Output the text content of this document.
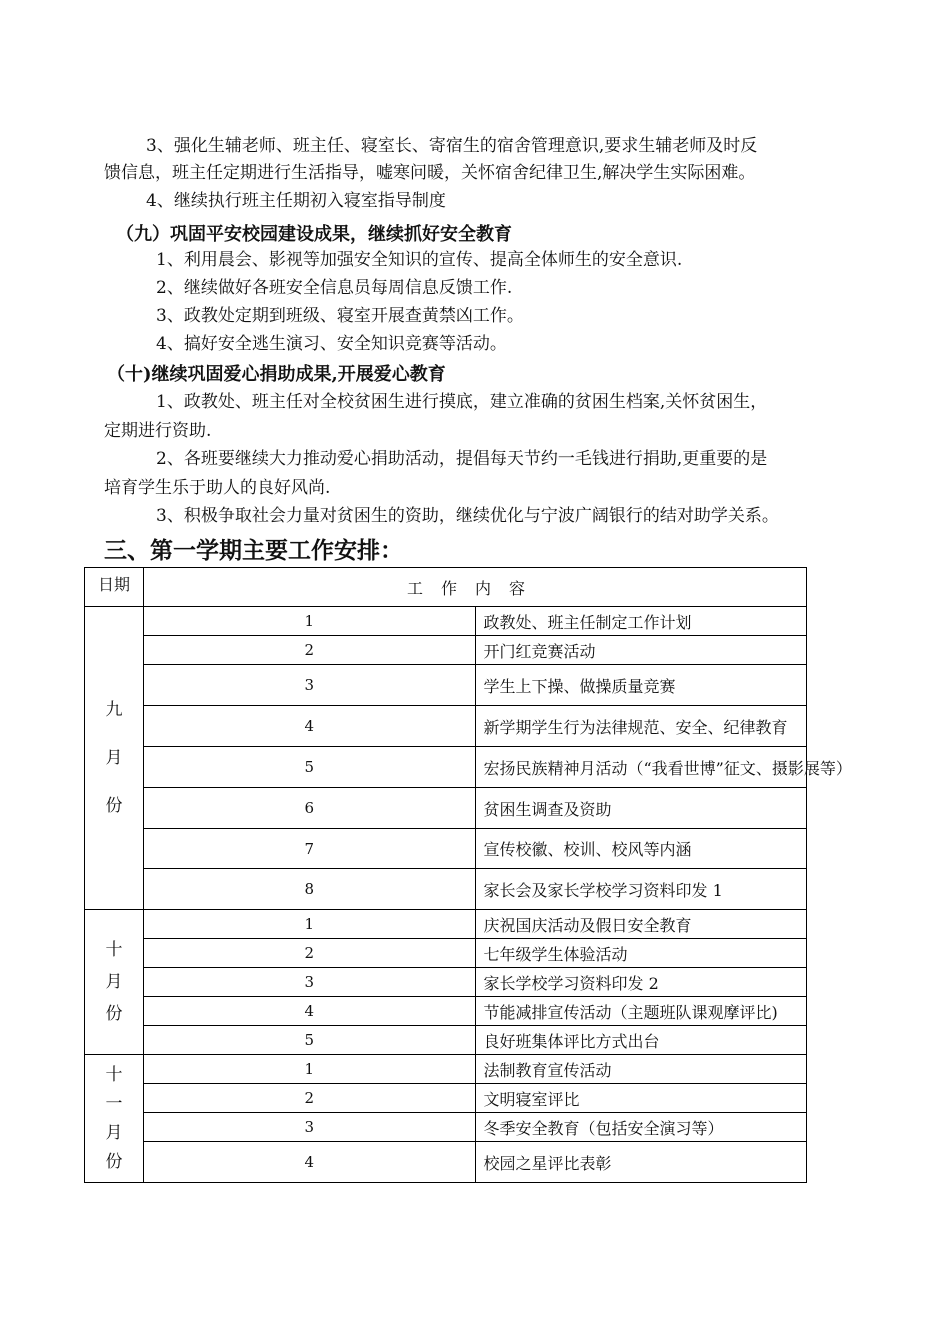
3、强化生辅老师、班主任、寝室长、寄宿生的宿舍管理意识,要求生辅老师及时反
馈信息，班主任定期进行生活指导，嘘寒问暖，关怀宿舍纪律卫生,解决学生实际困难。
4、继续执行班主任期初入寝室指导制度
（九）巩固平安校园建设成果，继续抓好安全教育
1、利用晨会、影视等加强安全知识的宣传、提高全体师生的安全意识.
2、继续做好各班安全信息员每周信息反馈工作.
3、政教处定期到班级、寝室开展查黄禁凶工作。
4、搞好安全逃生演习、安全知识竞赛等活动。
（十)继续巩固爱心捐助成果,开展爱心教育
1、政教处、班主任对全校贫困生进行摸底，建立准确的贫困生档案,关怀贫困生，
定期进行资助.
2、各班要继续大力推动爱心捐助活动，提倡每天节约一毛钱进行捐助,更重要的是
培育学生乐于助人的良好风尚.
3、积极争取社会力量对贫困生的资助，继续优化与宁波广阔银行的结对助学关系。
三、第一学期主要工作安排：
日期	工作内容	

九
月
份	1	政教处、班主任制定工作计划
	2	开门红竞赛活动
	3	学生上下操、做操质量竞赛
	4	新学期学生行为法律规范、安全、纪律教育
	5	宏扬民族精神月活动（“我看世博”征文、摄影展等）
	6	贫困生调查及资助
	7	宣传校徽、校训、校风等内涵
	8	家长会及家长学校学习资料印发 1

十
月
份	1	庆祝国庆活动及假日安全教育
	2	七年级学生体验活动
	3	家长学校学习资料印发 2
	4	节能减排宣传活动（主题班队课观摩评比)
	5	良好班集体评比方式出台

十
一
月
份	1	法制教育宣传活动
	2	文明寝室评比
	3	冬季安全教育（包括安全演习等）
	4	校园之星评比表彰
